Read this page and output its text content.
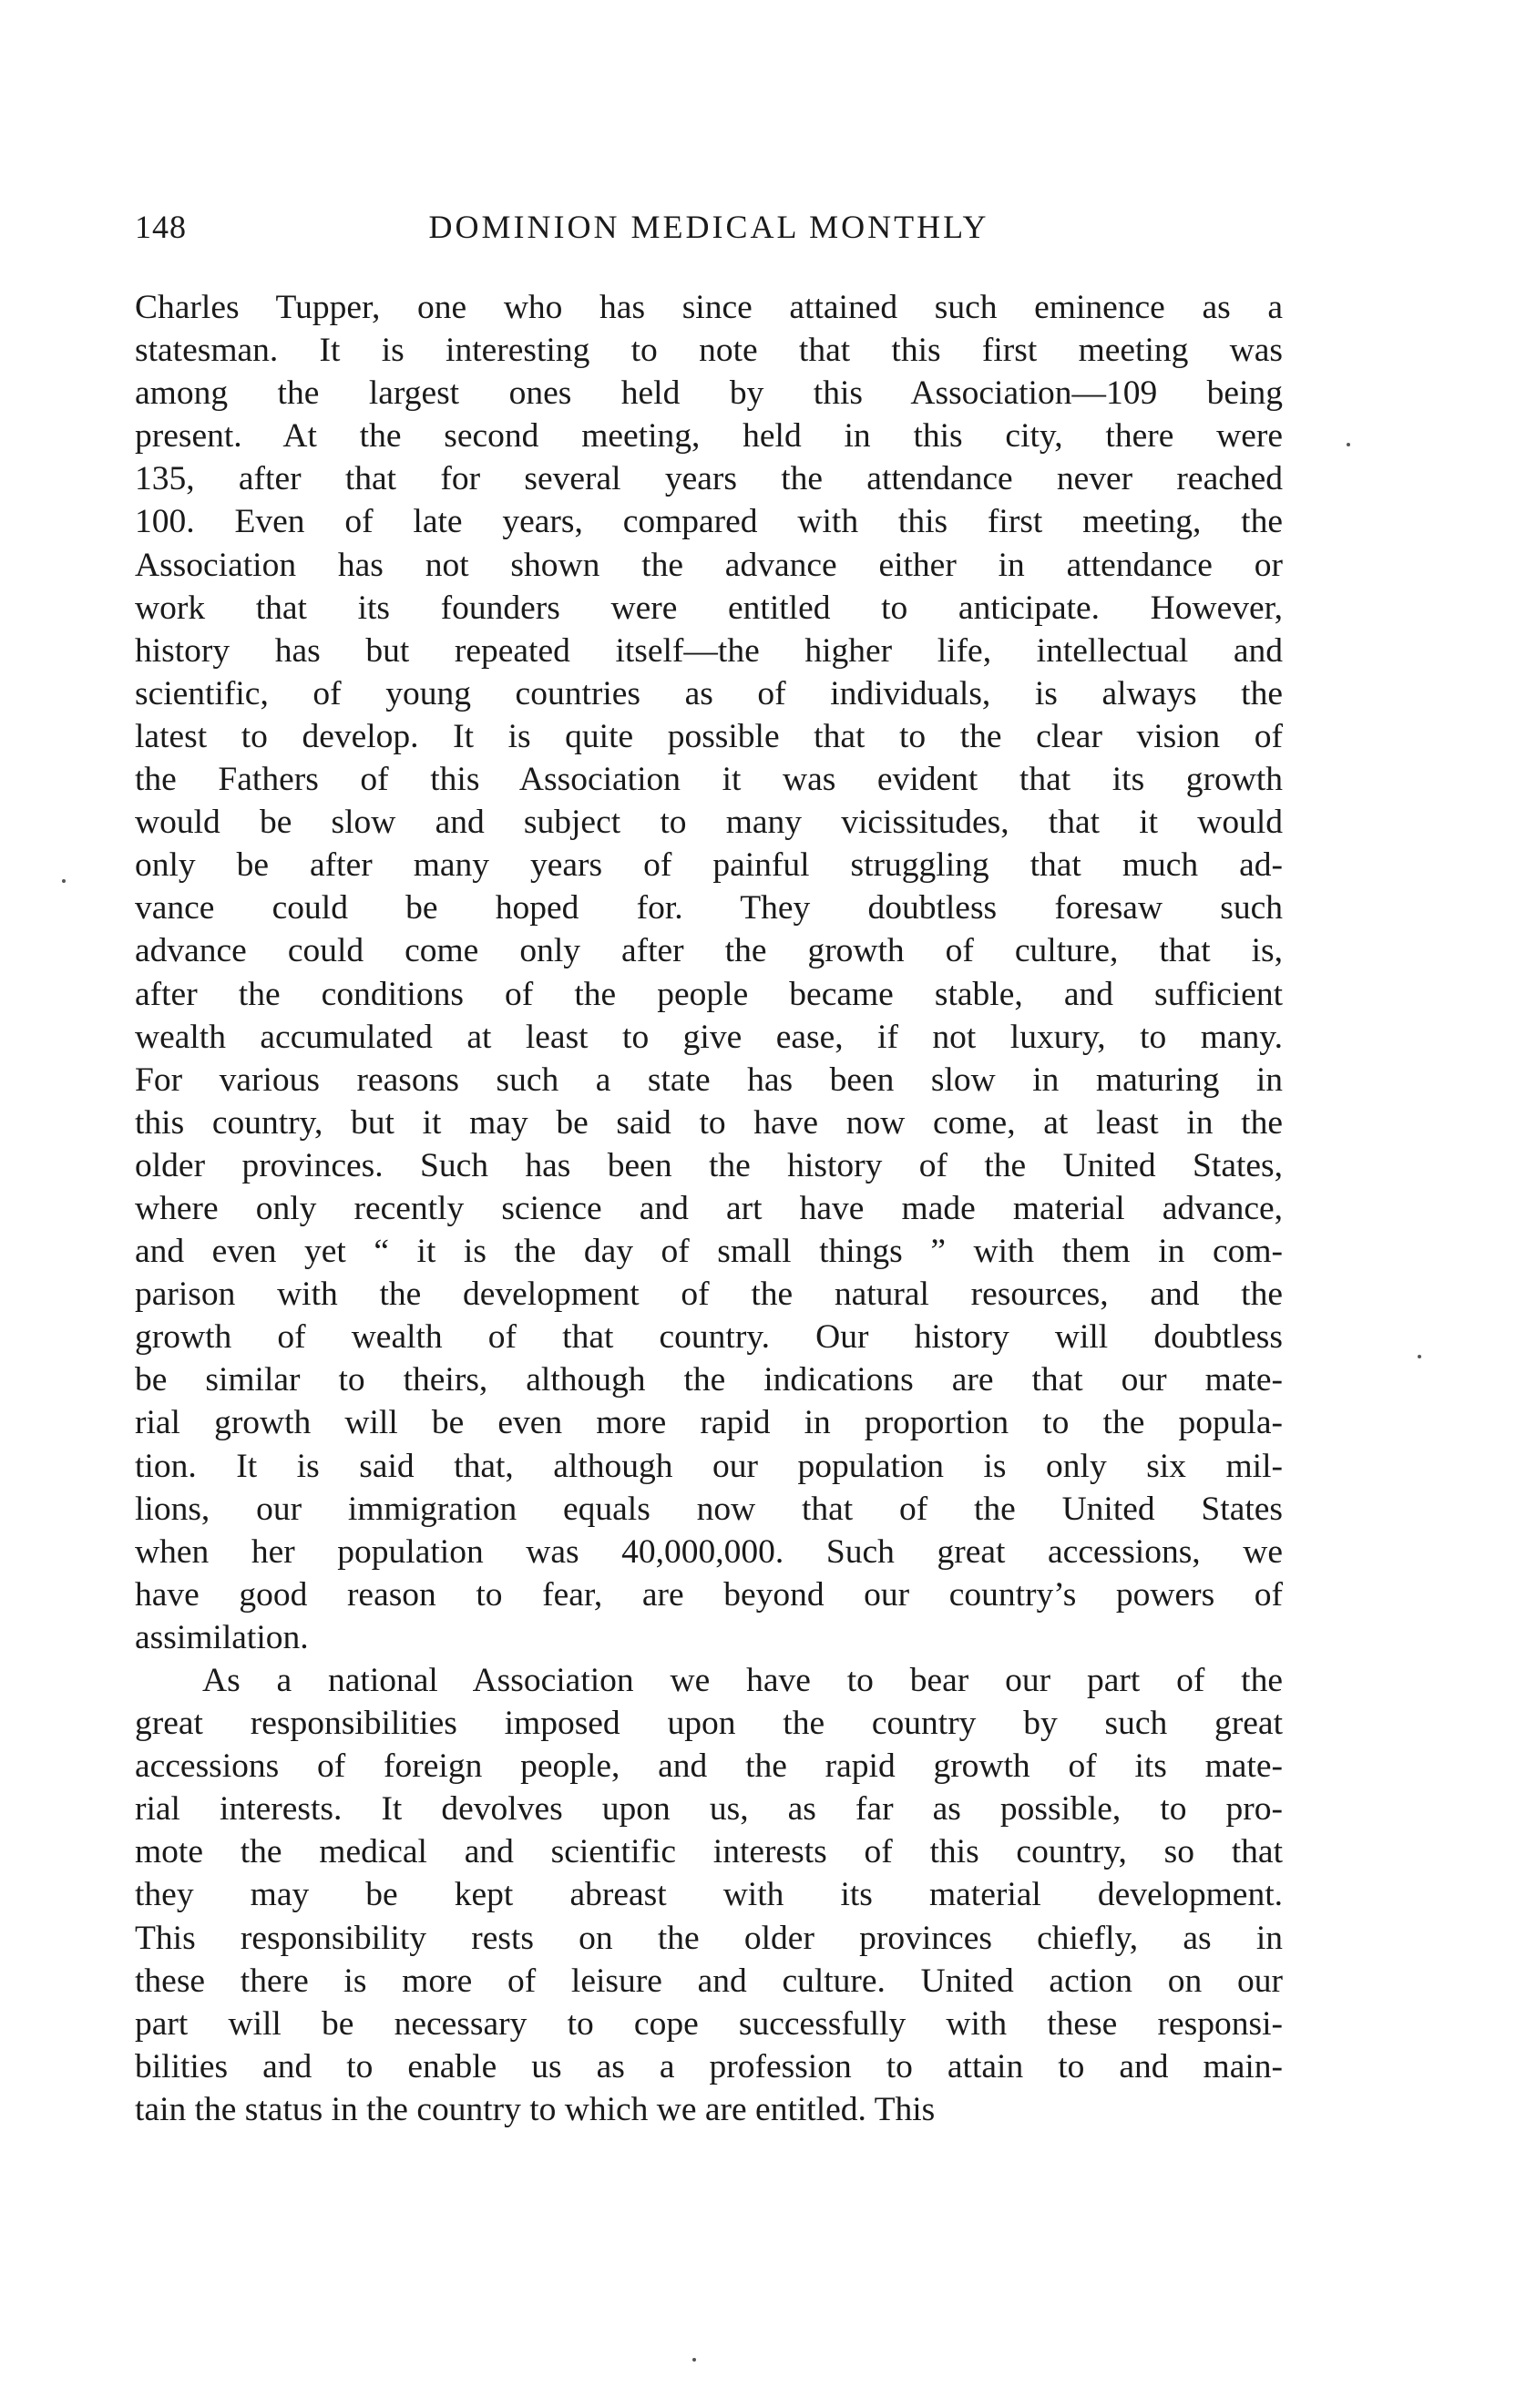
148	DOMINION MEDICAL MONTHLY
Charles Tupper, one who has since attained such eminence as a
statesman. It is interesting to note that this first meeting was
among the largest ones held by this Association—109 being
present. At the second meeting, held in this city, there were
135, after that for several years the attendance never reached
100. Even of late years, compared with this first meeting, the
Association has not shown the advance either in attendance or
work that its founders were entitled to anticipate. However,
history has but repeated itself—the higher life, intellectual and
scientific, of young countries as of individuals, is always the
latest to develop. It is quite possible that to the clear vision of
the Fathers of this Association it was evident that its growth
would be slow and subject to many vicissitudes, that it would
only be after many years of painful struggling that much ad-
vance could be hoped for. They doubtless foresaw such
advance could come only after the growth of culture, that is,
after the conditions of the people became stable, and sufficient
wealth accumulated at least to give ease, if not luxury, to many.
For various reasons such a state has been slow in maturing in
this country, but it may be said to have now come, at least in the
older provinces. Such has been the history of the United States,
where only recently science and art have made material advance,
and even yet “ it is the day of small things ” with them in com-
parison with the development of the natural resources, and the
growth of wealth of that country. Our history will doubtless
be similar to theirs, although the indications are that our mate-
rial growth will be even more rapid in proportion to the popula-
tion. It is said that, although our population is only six mil-
lions, our immigration equals now that of the United States
when her population was 40,000,000. Such great accessions, we
have good reason to fear, are beyond our country’s powers of
assimilation.
As a national Association we have to bear our part of the
great responsibilities imposed upon the country by such great
accessions of foreign people, and the rapid growth of its mate-
rial interests. It devolves upon us, as far as possible, to pro-
mote the medical and scientific interests of this country, so that
they may be kept abreast with its material development.
This responsibility rests on the older provinces chiefly, as in
these there is more of leisure and culture. United action on our
part will be necessary to cope successfully with these responsi-
bilities and to enable us as a profession to attain to and main-
tain the status in the country to which we are entitled. This
